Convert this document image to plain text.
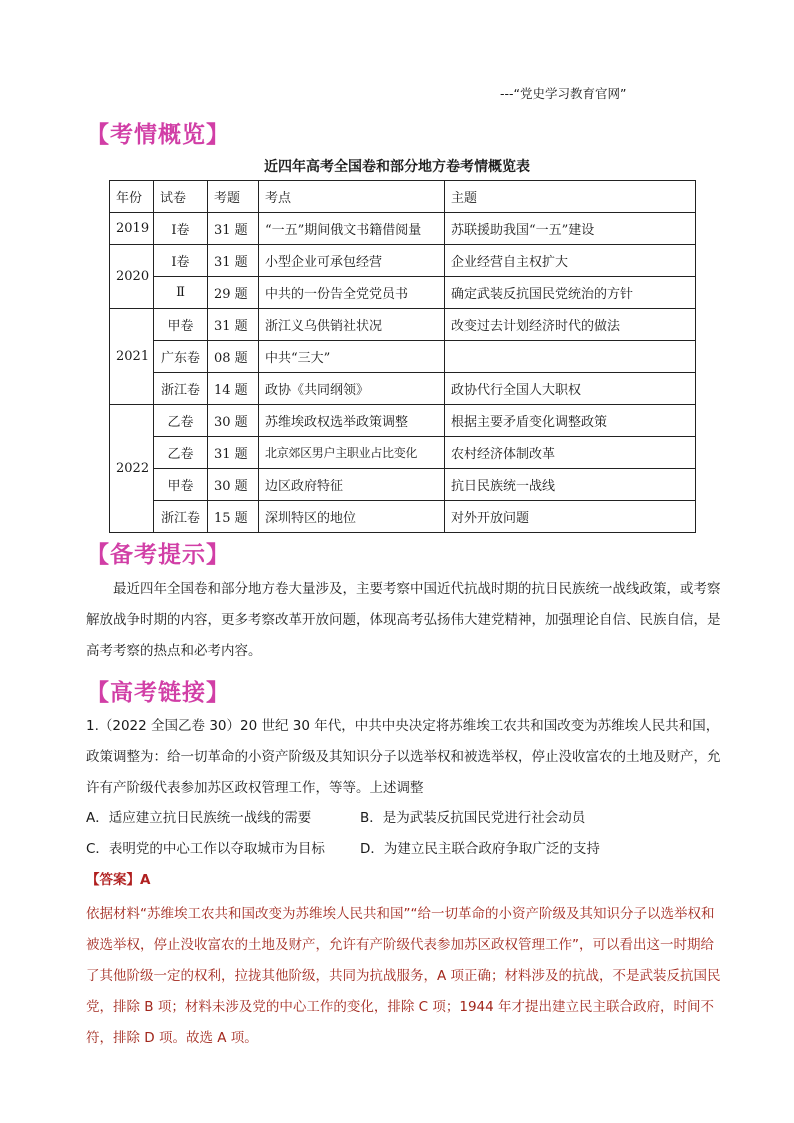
---“党史学习教育官网”
【考情概览】
近四年高考全国卷和部分地方卷考情概览表
年份	试卷	考题	考点	主题
2019	Ⅰ卷	31 题	“一五”期间俄文书籍借阅量	苏联援助我国“一五”建设
2020	Ⅰ卷	31 题	小型企业可承包经营	企业经营自主权扩大
	Ⅱ	29 题	中共的一份告全党党员书	确定武装反抗国民党统治的方针
2021	甲卷	31 题	浙江义乌供销社状况	改变过去计划经济时代的做法
	广东卷	08 题	中共“三大”	
	浙江卷	14 题	政协《共同纲领》	政协代行全国人大职权
2022	乙卷	30 题	苏维埃政权选举政策调整	根据主要矛盾变化调整政策
	乙卷	31 题	北京郊区男户主职业占比变化	农村经济体制改革
	甲卷	30 题	边区政府特征	抗日民族统一战线
	浙江卷	15 题	深圳特区的地位	对外开放问题
【备考提示】
最近四年全国卷和部分地方卷大量涉及，主要考察中国近代抗战时期的抗日民族统一战线政策，或考察解放战争时期的内容，更多考察改革开放问题，体现高考弘扬伟大建党精神，加强理论自信、民族自信，是高考考察的热点和必考内容。
【高考链接】
1.（2022 全国乙卷 30）20 世纪 30 年代，中共中央决定将苏维埃工农共和国改变为苏维埃人民共和国，政策调整为：给一切革命的小资产阶级及其知识分子以选举权和被选举权，停止没收富农的土地及财产，允许有产阶级代表参加苏区政权管理工作，等等。上述调整
A．适应建立抗日民族统一战线的需要	B．是为武装反抗国民党进行社会动员
C．表明党的中心工作以夺取城市为目标	D．为建立民主联合政府争取广泛的支持
【答案】A
依据材料“苏维埃工农共和国改变为苏维埃人民共和国”“给一切革命的小资产阶级及其知识分子以选举权和被选举权，停止没收富农的土地及财产，允许有产阶级代表参加苏区政权管理工作”，可以看出这一时期给了其他阶级一定的权利，拉拢其他阶级，共同为抗战服务，A 项正确；材料涉及的抗战，不是武装反抗国民党，排除 B 项；材料未涉及党的中心工作的变化，排除 C 项；1944 年才提出建立民主联合政府，时间不符，排除 D 项。故选 A 项。
